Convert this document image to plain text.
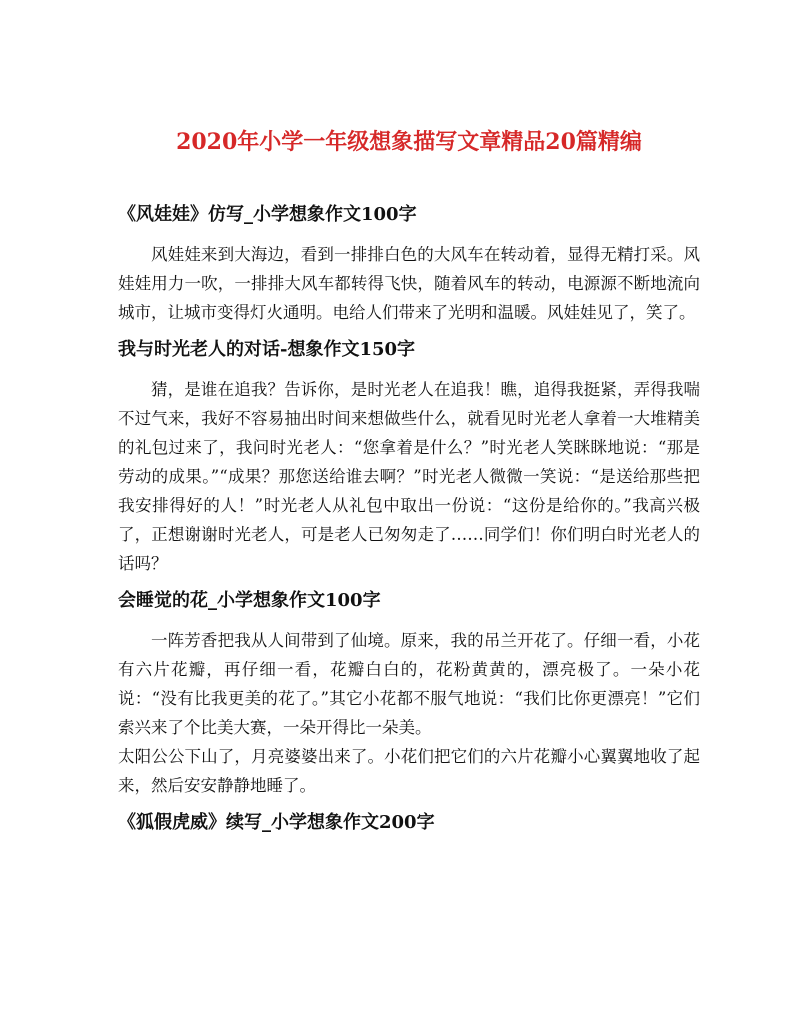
2020年小学一年级想象描写文章精品20篇精编
《风娃娃》仿写_小学想象作文100字

风娃娃来到大海边，看到一排排白色的大风车在转动着，显得无精打采。风娃娃用力一吹，一排排大风车都转得飞快，随着风车的转动，电源源不断地流向城市，让城市变得灯火通明。电给人们带来了光明和温暖。风娃娃见了，笑了。

我与时光老人的对话-想象作文150字

猜，是谁在追我？告诉你，是时光老人在追我！瞧，追得我挺紧，弄得我喘不过气来，我好不容易抽出时间来想做些什么，就看见时光老人拿着一大堆精美的礼包过来了，我问时光老人：“您拿着是什么？”时光老人笑眯眯地说：“那是劳动的成果。”“成果？那您送给谁去啊？”时光老人微微一笑说：“是送给那些把我安排得好的人！”时光老人从礼包中取出一份说：“这份是给你的。”我高兴极了，正想谢谢时光老人，可是老人已匆匆走了……同学们！你们明白时光老人的话吗？

会睡觉的花_小学想象作文100字

一阵芳香把我从人间带到了仙境。原来，我的吊兰开花了。仔细一看，小花有六片花瓣，再仔细一看，花瓣白白的，花粉黄黄的，漂亮极了。一朵小花说：“没有比我更美的花了。”其它小花都不服气地说：“我们比你更漂亮！”它们索兴来了个比美大赛，一朵开得比一朵美。

太阳公公下山了，月亮婆婆出来了。小花们把它们的六片花瓣小心翼翼地收了起来，然后安安静静地睡了。

《狐假虎威》续写_小学想象作文200字
